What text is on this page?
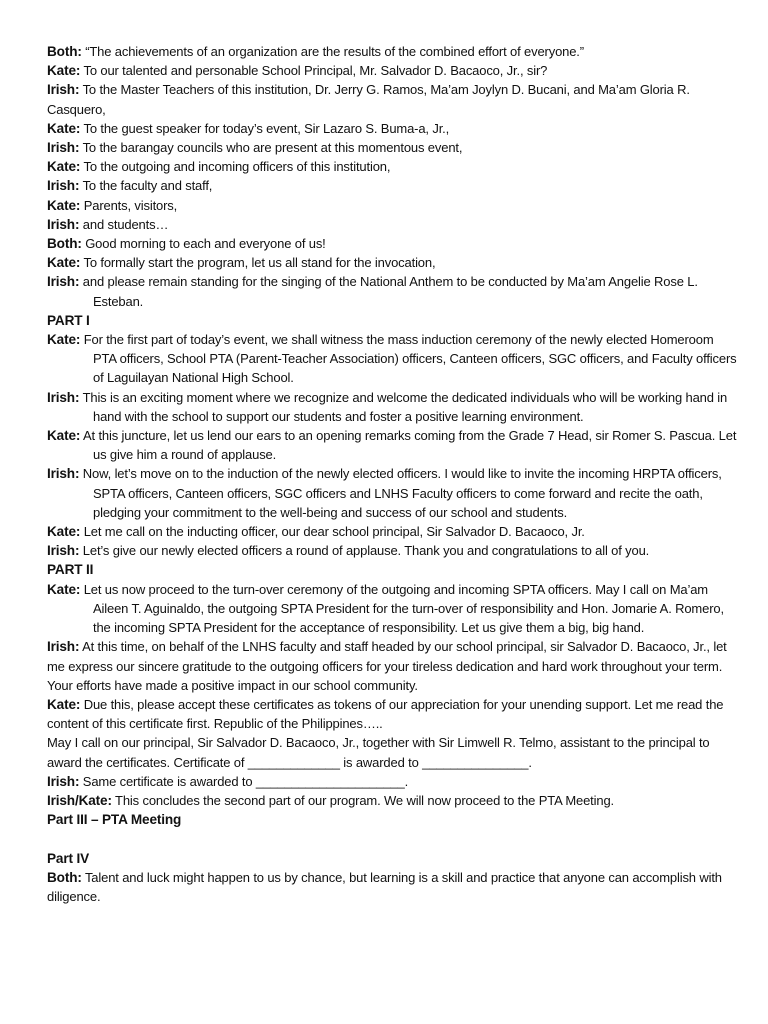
Both: “The achievements of an organization are the results of the combined effort of everyone.”

Kate: To our talented and personable School Principal, Mr. Salvador D. Bacaoco, Jr., sir?

Irish: To the Master Teachers of this institution, Dr. Jerry G. Ramos, Ma’am Joylyn D. Bucani, and Ma’am Gloria R. Casquero,

Kate: To the guest speaker for today’s event, Sir Lazaro S. Buma-a, Jr.,

Irish: To the barangay councils who are present at this momentous event,

Kate: To the outgoing and incoming officers of this institution,

Irish: To the faculty and staff,

Kate: Parents, visitors,

Irish: and students…

Both: Good morning to each and everyone of us!

Kate: To formally start the program, let us all stand for the invocation,

Irish: and please remain standing for the singing of the National Anthem to be conducted by Ma’am Angelie Rose L. Esteban.

PART I

Kate: For the first part of today’s event, we shall witness the mass induction ceremony of the newly elected Homeroom PTA officers, School PTA (Parent-Teacher Association) officers, Canteen officers, SGC officers, and Faculty officers of Laguilayan National High School.

Irish: This is an exciting moment where we recognize and welcome the dedicated individuals who will be working hand in hand with the school to support our students and foster a positive learning environment.

Kate: At this juncture, let us lend our ears to an opening remarks coming from the Grade 7 Head, sir Romer S. Pascua. Let us give him a round of applause.

Irish: Now, let’s move on to the induction of the newly elected officers. I would like to invite the incoming HRPTA officers, SPTA officers, Canteen officers, SGC officers and LNHS Faculty officers to come forward and recite the oath, pledging your commitment to the well-being and success of our school and students.

Kate: Let me call on the inducting officer, our dear school principal, Sir Salvador D. Bacaoco, Jr.

Irish: Let’s give our newly elected officers a round of applause. Thank you and congratulations to all of you.

PART II

Kate: Let us now proceed to the turn-over ceremony of the outgoing and incoming SPTA officers. May I call on Ma’am Aileen T. Aguinaldo, the outgoing SPTA President for the turn-over of responsibility and Hon. Jomarie A. Romero, the incoming SPTA President for the acceptance of responsibility. Let us give them a big, big hand.

Irish: At this time, on behalf of the LNHS faculty and staff headed by our school principal, sir Salvador D. Bacaoco, Jr., let me express our sincere gratitude to the outgoing officers for your tireless dedication and hard work throughout your term. Your efforts have made a positive impact in our school community.

Kate: Due this, please accept these certificates as tokens of our appreciation for your unending support. Let me read the content of this certificate first. Republic of the Philippines…..

May I call on our principal, Sir Salvador D. Bacaoco, Jr., together with Sir Limwell R. Telmo, assistant to the principal to award the certificates. Certificate of _____________ is awarded to _______________.

Irish: Same certificate is awarded to _____________________.

Irish/Kate: This concludes the second part of our program. We will now proceed to the PTA Meeting.

Part III – PTA Meeting

Part IV

Both: Talent and luck might happen to us by chance, but learning is a skill and practice that anyone can accomplish with diligence.
